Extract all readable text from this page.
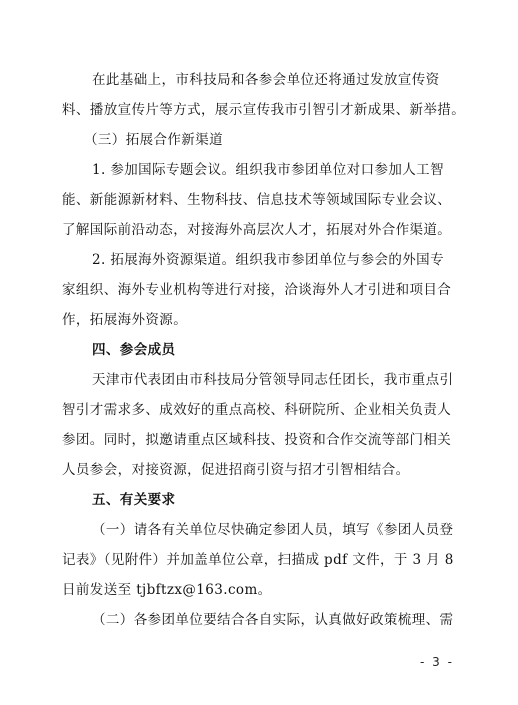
在此基础上，市科技局和各参会单位还将通过发放宣传资
料、播放宣传片等方式，展示宣传我市引智引才新成果、新举措。
（三）拓展合作新渠道
1. 参加国际专题会议。组织我市参团单位对口参加人工智
能、新能源新材料、生物科技、信息技术等领域国际专业会议、
了解国际前沿动态，对接海外高层次人才，拓展对外合作渠道。
2. 拓展海外资源渠道。组织我市参团单位与参会的外国专
家组织、海外专业机构等进行对接，洽谈海外人才引进和项目合
作，拓展海外资源。
四、参会成员
天津市代表团由市科技局分管领导同志任团长，我市重点引
智引才需求多、成效好的重点高校、科研院所、企业相关负责人
参团。同时，拟邀请重点区域科技、投资和合作交流等部门相关
人员参会，对接资源，促进招商引资与招才引智相结合。
五、有关要求
（一）请各有关单位尽快确定参团人员，填写《参团人员登
记表》（见附件）并加盖单位公章，扫描成 pdf 文件，于 3 月 8
日前发送至 tjbftzx@163.com。
（二）各参团单位要结合各自实际，认真做好政策梳理、需
- 3 -
